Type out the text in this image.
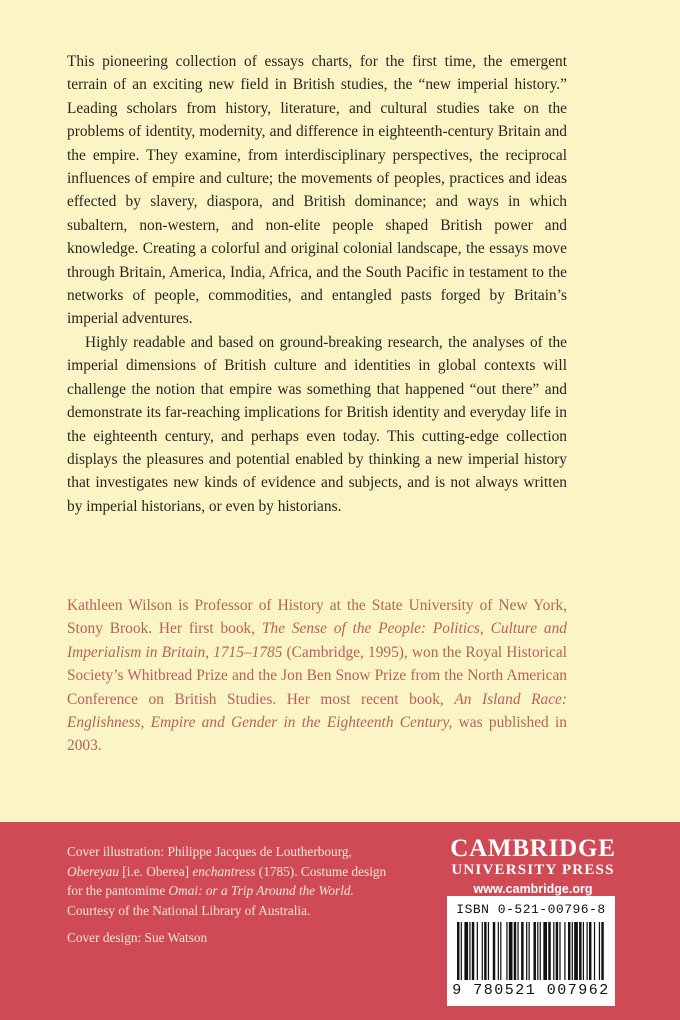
This pioneering collection of essays charts, for the first time, the emergent terrain of an exciting new field in British studies, the “new imperial history.” Leading scholars from history, literature, and cultural studies take on the problems of identity, modernity, and difference in eighteenth-century Britain and the empire. They examine, from interdisciplinary perspectives, the reciprocal influences of empire and culture; the movements of peoples, practices and ideas effected by slavery, diaspora, and British dominance; and ways in which subaltern, non-western, and non-elite people shaped British power and knowledge. Creating a colorful and original colonial landscape, the essays move through Britain, America, India, Africa, and the South Pacific in testament to the networks of people, commodities, and entangled pasts forged by Britain’s imperial adventures.

Highly readable and based on ground-breaking research, the analyses of the imperial dimensions of British culture and identities in global contexts will challenge the notion that empire was something that happened “out there” and demonstrate its far-reaching implications for British identity and everyday life in the eighteenth century, and perhaps even today. This cutting-edge collection displays the pleasures and potential enabled by thinking a new imperial history that investigates new kinds of evidence and subjects, and is not always written by imperial historians, or even by historians.

Kathleen Wilson is Professor of History at the State University of New York, Stony Brook. Her first book, The Sense of the People: Politics, Culture and Imperialism in Britain, 1715–1785 (Cambridge, 1995), won the Royal Historical Society’s Whitbread Prize and the Jon Ben Snow Prize from the North American Conference on British Studies. Her most recent book, An Island Race: Englishness, Empire and Gender in the Eighteenth Century, was published in 2003.

Cover illustration: Philippe Jacques de Loutherbourg,
Obereyau [i.e. Oberea] enchantress (1785). Costume design
for the pantomime Omai: or a Trip Around the World.
Courtesy of the National Library of Australia.

Cover design: Sue Watson

CAMBRIDGE
UNIVERSITY PRESS
www.cambridge.org
ISBN 0-521-00796-8
9 780521 007962
